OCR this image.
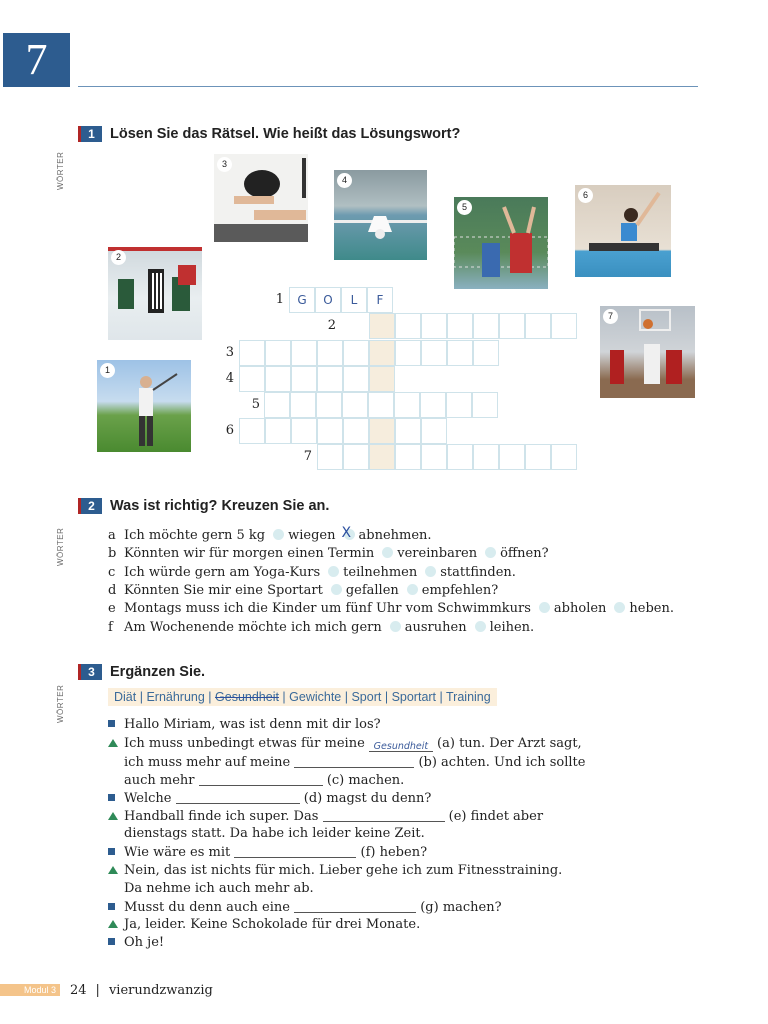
7
WÖRTER
1	Lösen Sie das Rätsel. Wie heißt das Lösungswort?
1
2
3
4
5
6
7
1	G	O	L	F
2
3
4
5
6
7
WÖRTER
2	Was ist richtig? Kreuzen Sie an.
a Ich möchte gern 5 kg wiegen X abnehmen.
b Könnten wir für morgen einen Termin vereinbaren öffnen?
c Ich würde gern am Yoga-Kurs teilnehmen stattfinden.
d Könnten Sie mir eine Sportart gefallen empfehlen?
e Montags muss ich die Kinder um fünf Uhr vom Schwimmkurs abholen heben.
f Am Wochenende möchte ich mich gern ausruhen leihen.
WÖRTER
3	Ergänzen Sie.
Diät | Ernährung | Gesundheit | Gewichte | Sport | Sportart | Training
Hallo Miriam, was ist denn mit dir los?
Ich muss unbedingt etwas für meine Gesundheit (a) tun. Der Arzt sagt,
ich muss mehr auf meine	(b) achten. Und ich sollte
auch mehr	(c) machen.
Welche	(d) magst du denn?
Handball finde ich super. Das	(e) findet aber
dienstags statt. Da habe ich leider keine Zeit.
Wie wäre es mit	(f) heben?
Nein, das ist nichts für mich. Lieber gehe ich zum Fitnesstraining.
Da nehme ich auch mehr ab.
Musst du denn auch eine	(g) machen?
Ja, leider. Keine Schokolade für drei Monate.
Oh je!
Modul 3	24 | vierundzwanzig
